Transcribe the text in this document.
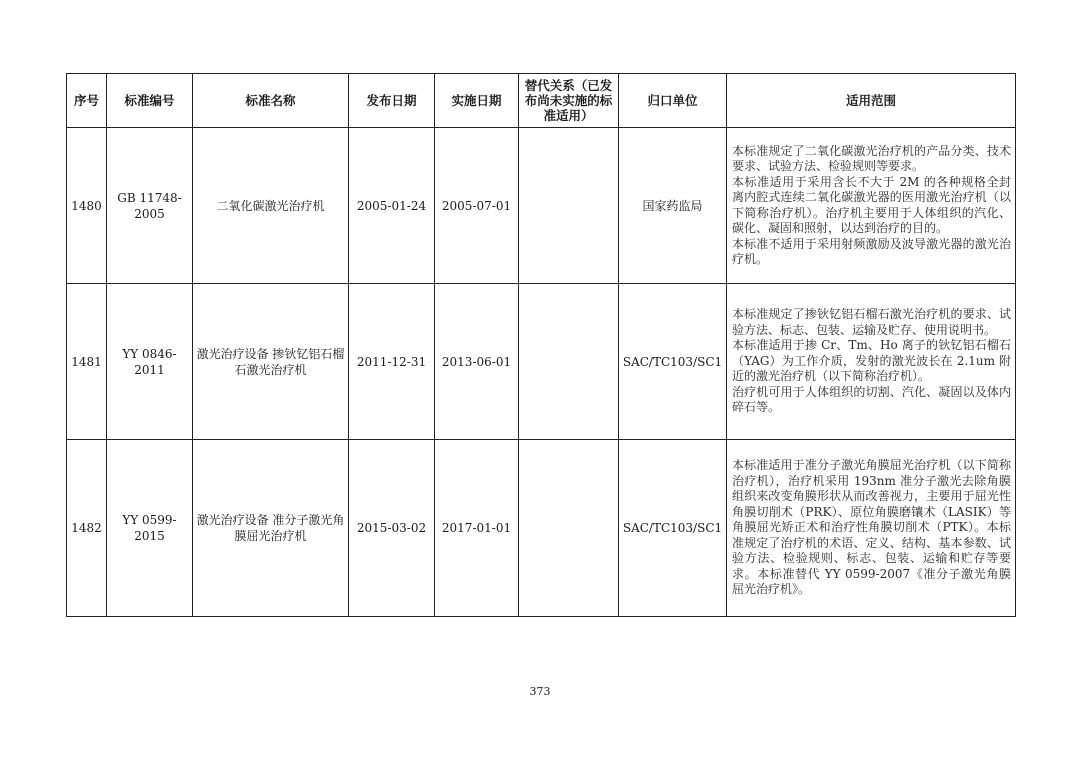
序号	标准编号	标准名称	发布日期	实施日期	替代关系（已发布尚未实施的标准适用）	归口单位	适用范围
1480	GB 11748-2005	二氧化碳激光治疗机	2005-01-24	2005-07-01		国家药监局	本标准规定了二氧化碳激光治疗机的产品分类、技术要求、试验方法、检验规则等要求。

本标准适用于采用含长不大于 2M 的各种规格全封离内腔式连续二氧化碳激光器的医用激光治疗机（以下简称治疗机）。治疗机主要用于人体组织的汽化、碳化、凝固和照射，以达到治疗的目的。

本标准不适用于采用射频激励及波导激光器的激光治疗机。

1481	YY 0846-2011	激光治疗设备 掺钬钇铝石榴石激光治疗机	2011-12-31	2013-06-01		SAC/TC103/SC1	本标准规定了掺钬钇铝石榴石激光治疗机的要求、试验方法、标志、包装、运输及贮存、使用说明书。

本标准适用于掺 Cr、Tm、Ho 离子的钬钇铝石榴石（YAG）为工作介质，发射的激光波长在 2.1um 附近的激光治疗机（以下简称治疗机）。

治疗机可用于人体组织的切割、汽化、凝固以及体内碎石等。

1482	YY 0599-2015	激光治疗设备 准分子激光角膜屈光治疗机	2015-03-02	2017-01-01		SAC/TC103/SC1	本标准适用于准分子激光角膜屈光治疗机（以下简称治疗机），治疗机采用 193nm 准分子激光去除角膜组织来改变角膜形状从而改善视力，主要用于屈光性角膜切削术（PRK）、原位角膜磨镶术（LASIK）等角膜屈光矫正术和治疗性角膜切削术（PTK）。本标准规定了治疗机的术语、定义、结构、基本参数、试验方法、检验规则、标志、包装、运输和贮存等要求。本标准替代 YY 0599-2007《准分子激光角膜屈光治疗机》。

373
